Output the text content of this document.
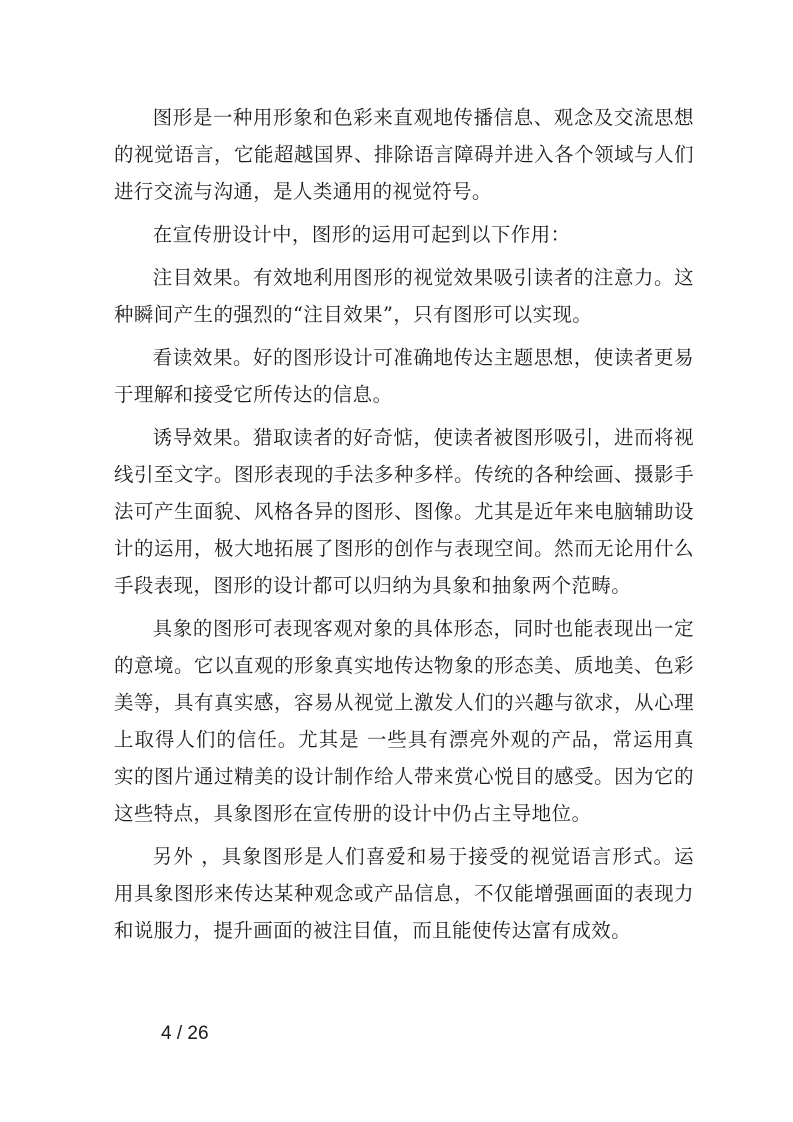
图形是一种用形象和色彩来直观地传播信息、观念及交流思想的视觉语言，它能超越国界、排除语言障碍并进入各个领域与人们进行交流与沟通，是人类通用的视觉符号。

在宣传册设计中，图形的运用可起到以下作用：

注目效果。有效地利用图形的视觉效果吸引读者的注意力。这种瞬间产生的强烈的“注目效果”，只有图形可以实现。

看读效果。好的图形设计可准确地传达主题思想，使读者更易于理解和接受它所传达的信息。

诱导效果。猎取读者的好奇惦，使读者被图形吸引，进而将视线引至文字。图形表现的手法多种多样。传统的各种绘画、摄影手法可产生面貌、风格各异的图形、图像。尤其是近年来电脑辅助设计的运用，极大地拓展了图形的创作与表现空间。然而无论用什么手段表现，图形的设计都可以归纳为具象和抽象两个范畴。

具象的图形可表现客观对象的具体形态，同时也能表现出一定的意境。它以直观的形象真实地传达物象的形态美、质地美、色彩美等，具有真实感，容易从视觉上激发人们的兴趣与欲求，从心理上取得人们的信任。尤其是 一些具有漂亮外观的产品，常运用真实的图片通过精美的设计制作给人带来赏心悦目的感受。因为它的这些特点，具象图形在宣传册的设计中仍占主导地位。

另外 ，具象图形是人们喜爱和易于接受的视觉语言形式。运用具象图形来传达某种观念或产品信息，不仅能增强画面的表现力和说服力，提升画面的被注目值，而且能使传达富有成效。

4 / 26
